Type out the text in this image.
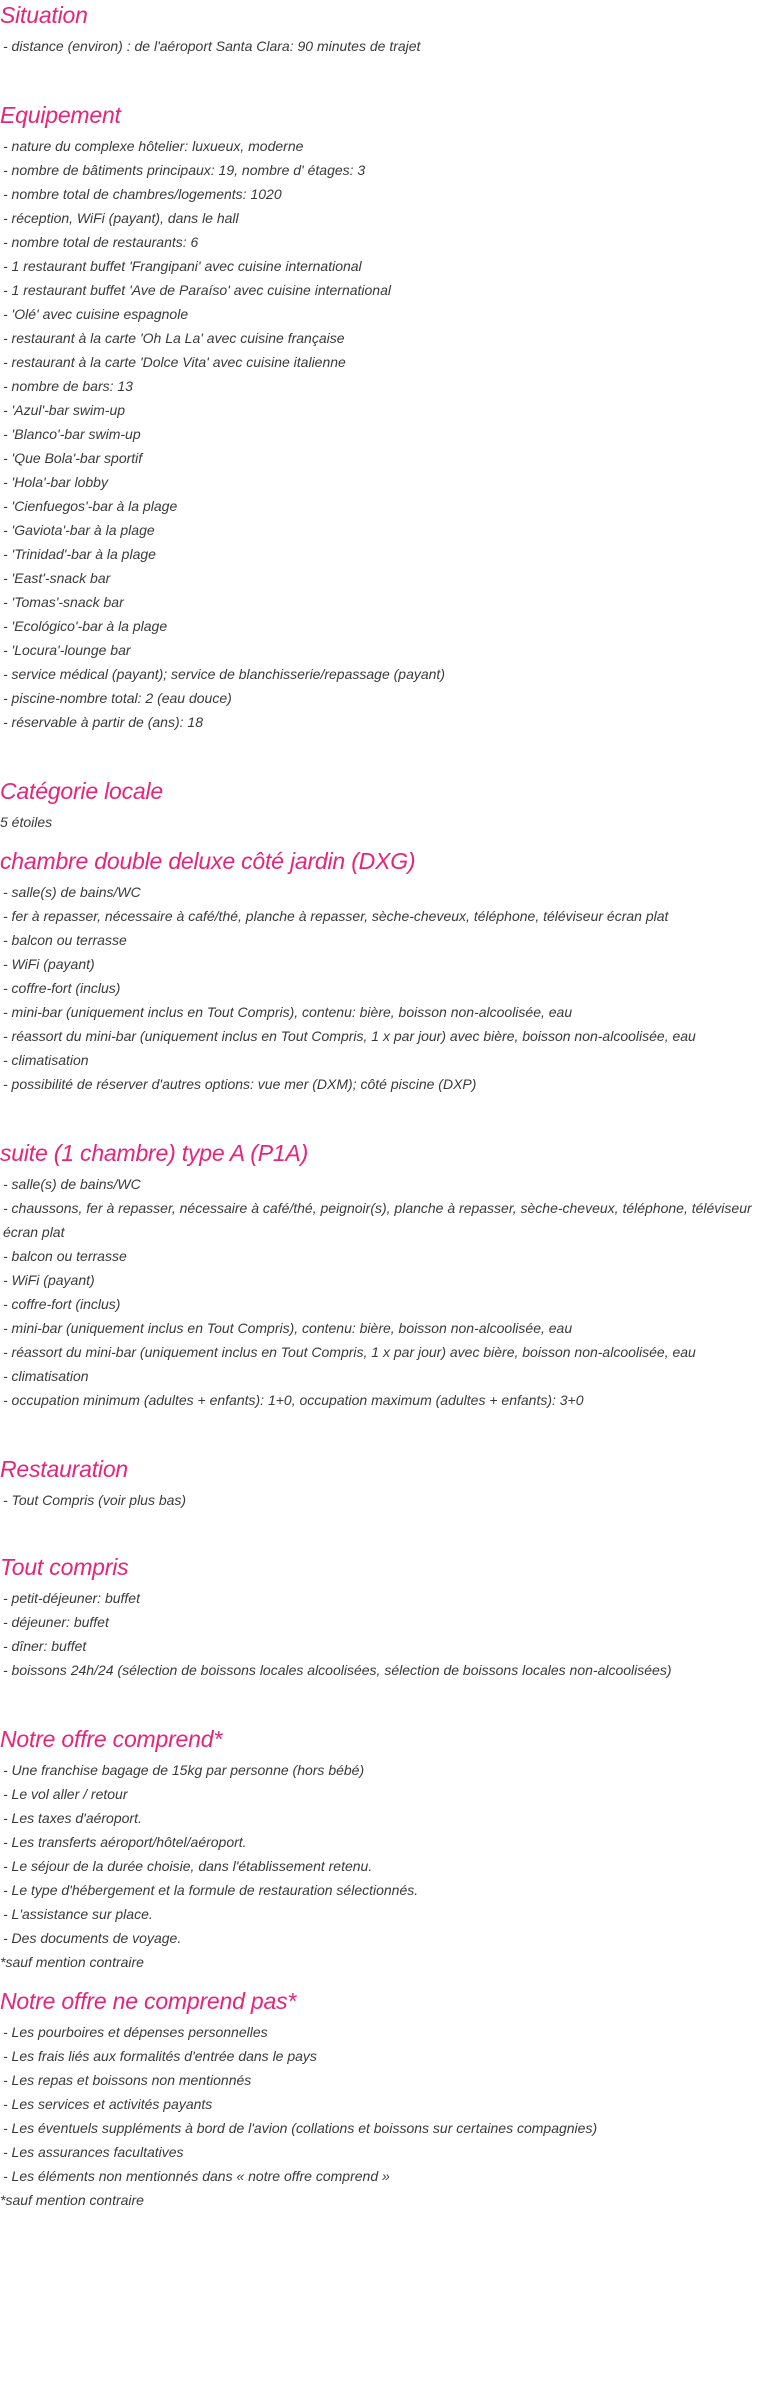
Situation

- distance (environ) : de l'aéroport Santa Clara: 90 minutes de trajet

Equipement

- nature du complexe hôtelier: luxueux, moderne

- nombre de bâtiments principaux: 19, nombre d' étages: 3

- nombre total de chambres/logements: 1020

- réception, WiFi (payant), dans le hall

- nombre total de restaurants: 6

- 1 restaurant buffet 'Frangipani' avec cuisine international

- 1 restaurant buffet 'Ave de Paraíso' avec cuisine international

- 'Olé' avec cuisine espagnole

- restaurant à la carte 'Oh La La' avec cuisine française

- restaurant à la carte 'Dolce Vita' avec cuisine italienne

- nombre de bars: 13

- 'Azul'-bar swim-up

- 'Blanco'-bar swim-up

- 'Que Bola'-bar sportif

- 'Hola'-bar lobby

- 'Cienfuegos'-bar à la plage

- 'Gaviota'-bar à la plage

- 'Trinidad'-bar à la plage

- 'East'-snack bar

- 'Tomas'-snack bar

- 'Ecológico'-bar à la plage

- 'Locura'-lounge bar

- service médical (payant); service de blanchisserie/repassage (payant)

- piscine-nombre total: 2 (eau douce)

- réservable à partir de (ans): 18

Catégorie locale

5 étoiles

chambre double deluxe côté jardin (DXG)

- salle(s) de bains/WC

- fer à repasser, nécessaire à café/thé, planche à repasser, sèche-cheveux, téléphone, téléviseur écran plat

- balcon ou terrasse

- WiFi (payant)

- coffre-fort (inclus)

- mini-bar (uniquement inclus en Tout Compris), contenu: bière, boisson non-alcoolisée, eau

- réassort du mini-bar (uniquement inclus en Tout Compris, 1 x par jour) avec bière, boisson non-alcoolisée, eau

- climatisation

- possibilité de réserver d'autres options: vue mer (DXM); côté piscine (DXP)

suite (1 chambre) type A (P1A)

- salle(s) de bains/WC

- chaussons, fer à repasser, nécessaire à café/thé, peignoir(s), planche à repasser, sèche-cheveux, téléphone, téléviseur écran plat

- balcon ou terrasse

- WiFi (payant)

- coffre-fort (inclus)

- mini-bar (uniquement inclus en Tout Compris), contenu: bière, boisson non-alcoolisée, eau

- réassort du mini-bar (uniquement inclus en Tout Compris, 1 x par jour) avec bière, boisson non-alcoolisée, eau

- climatisation

- occupation minimum (adultes + enfants): 1+0, occupation maximum (adultes + enfants): 3+0

Restauration

- Tout Compris (voir plus bas)

Tout compris

- petit-déjeuner: buffet

- déjeuner: buffet

- dîner: buffet

- boissons 24h/24 (sélection de boissons locales alcoolisées, sélection de boissons locales non-alcoolisées)

Notre offre comprend*

- Une franchise bagage de 15kg par personne (hors bébé)

- Le vol aller / retour

- Les taxes d'aéroport.

- Les transferts aéroport/hôtel/aéroport.

- Le séjour de la durée choisie, dans l'établissement retenu.

- Le type d'hébergement et la formule de restauration sélectionnés.

- L'assistance sur place.

- Des documents de voyage.

*sauf mention contraire

Notre offre ne comprend pas*

- Les pourboires et dépenses personnelles

- Les frais liés aux formalités d'entrée dans le pays

- Les repas et boissons non mentionnés

- Les services et activités payants

- Les éventuels suppléments à bord de l'avion (collations et boissons sur certaines compagnies)

- Les assurances facultatives

- Les éléments non mentionnés dans « notre offre comprend »

*sauf mention contraire
